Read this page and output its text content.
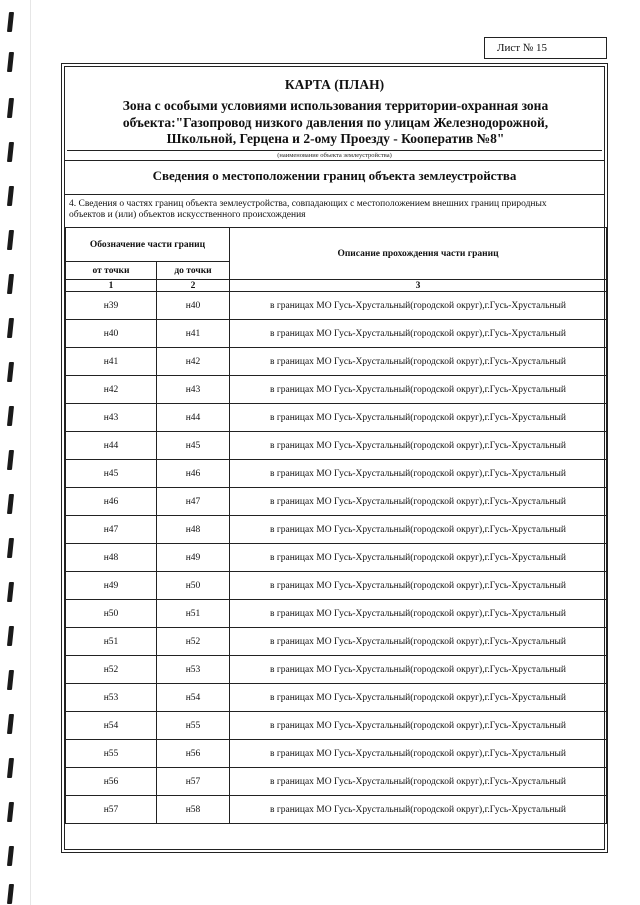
Лист № 15
КАРТА (ПЛАН)
Зона с особыми условиями использования территории-охранная зона
объекта:"Газопровод низкого давления по улицам Железнодорожной,
Школьной, Герцена и 2-ому Проезду - Кооператив №8"
(наименование объекта землеустройства)
Сведения о местоположении границ объекта землеустройства
4. Сведения о частях границ объекта землеустройства, совпадающих с местоположением внешних границ природных объектов и (или) объектов искусственного происхождения
Обозначение части границ		Описание прохождения части границ
от точки	до точки	
1	2	3
н39	н40	в границах МО Гусь-Хрустальный(городской округ),г.Гусь-Хрустальный
н40	н41	в границах МО Гусь-Хрустальный(городской округ),г.Гусь-Хрустальный
н41	н42	в границах МО Гусь-Хрустальный(городской округ),г.Гусь-Хрустальный
н42	н43	в границах МО Гусь-Хрустальный(городской округ),г.Гусь-Хрустальный
н43	н44	в границах МО Гусь-Хрустальный(городской округ),г.Гусь-Хрустальный
н44	н45	в границах МО Гусь-Хрустальный(городской округ),г.Гусь-Хрустальный
н45	н46	в границах МО Гусь-Хрустальный(городской округ),г.Гусь-Хрустальный
н46	н47	в границах МО Гусь-Хрустальный(городской округ),г.Гусь-Хрустальный
н47	н48	в границах МО Гусь-Хрустальный(городской округ),г.Гусь-Хрустальный
н48	н49	в границах МО Гусь-Хрустальный(городской округ),г.Гусь-Хрустальный
н49	н50	в границах МО Гусь-Хрустальный(городской округ),г.Гусь-Хрустальный
н50	н51	в границах МО Гусь-Хрустальный(городской округ),г.Гусь-Хрустальный
н51	н52	в границах МО Гусь-Хрустальный(городской округ),г.Гусь-Хрустальный
н52	н53	в границах МО Гусь-Хрустальный(городской округ),г.Гусь-Хрустальный
н53	н54	в границах МО Гусь-Хрустальный(городской округ),г.Гусь-Хрустальный
н54	н55	в границах МО Гусь-Хрустальный(городской округ),г.Гусь-Хрустальный
н55	н56	в границах МО Гусь-Хрустальный(городской округ),г.Гусь-Хрустальный
н56	н57	в границах МО Гусь-Хрустальный(городской округ),г.Гусь-Хрустальный
н57	н58	в границах МО Гусь-Хрустальный(городской округ),г.Гусь-Хрустальный
